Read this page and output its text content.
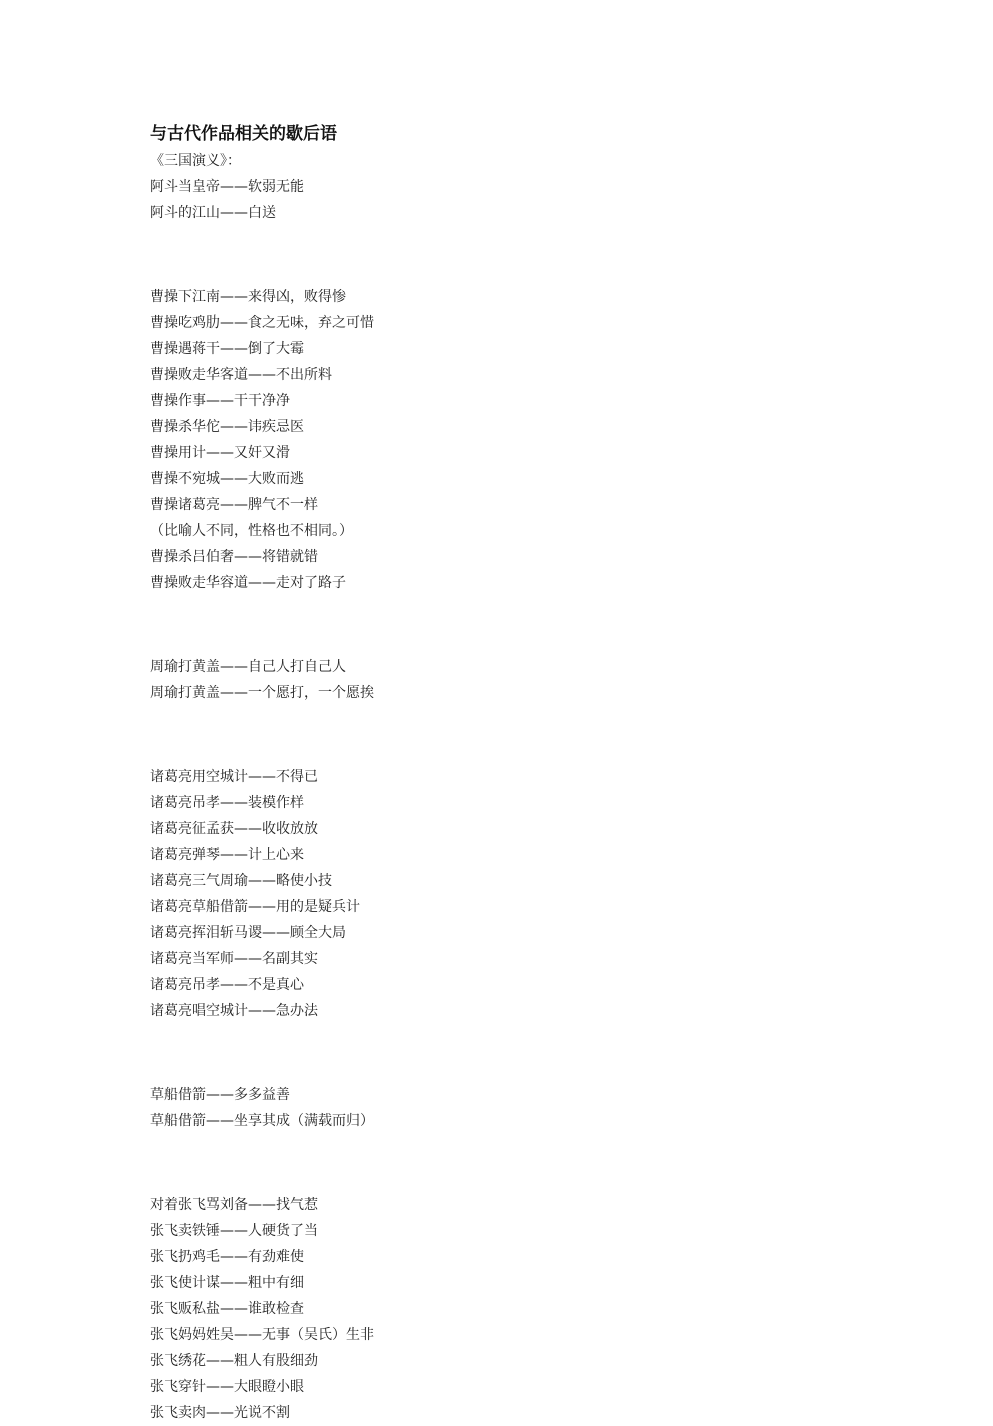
与古代作品相关的歇后语

《三国演义》：

阿斗当皇帝——软弱无能

阿斗的江山——白送

曹操下江南——来得凶，败得惨

曹操吃鸡肋——食之无味，弃之可惜

曹操遇蒋干——倒了大霉

曹操败走华客道——不出所料

曹操作事——干干净净

曹操杀华佗——讳疾忌医

曹操用计——又奸又滑

曹操不宛城——大败而逃

曹操诸葛亮——脾气不一样

（比喻人不同，性格也不相同。）

曹操杀吕伯奢——将错就错

曹操败走华容道——走对了路子

周瑜打黄盖——自己人打自己人

周瑜打黄盖——一个愿打，一个愿挨

诸葛亮用空城计——不得已

诸葛亮吊孝——装模作样

诸葛亮征孟获——收收放放

诸葛亮弹琴——计上心来

诸葛亮三气周瑜——略使小技

诸葛亮草船借箭——用的是疑兵计

诸葛亮挥泪斩马谡——顾全大局

诸葛亮当军师——名副其实

诸葛亮吊孝——不是真心

诸葛亮唱空城计——急办法

草船借箭——多多益善

草船借箭——坐享其成（满载而归）

对着张飞骂刘备——找气惹

张飞卖铁锤——人硬货了当

张飞扔鸡毛——有劲难使

张飞使计谋——粗中有细

张飞贩私盐——谁敢检查

张飞妈妈姓吴——无事（吴氏）生非

张飞绣花——粗人有股细劲

张飞穿针——大眼瞪小眼

张飞卖肉——光说不割
